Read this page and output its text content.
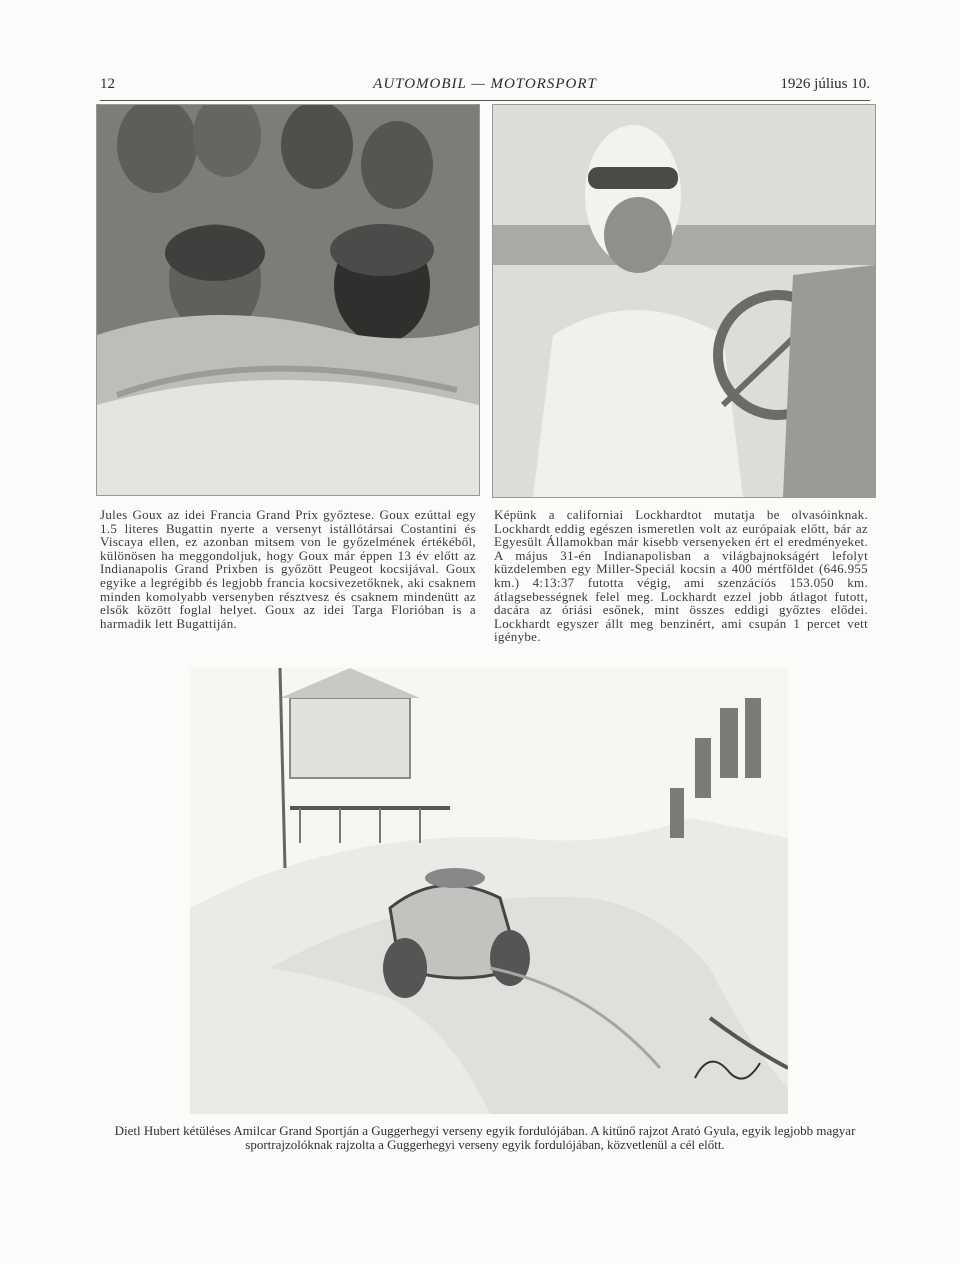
12	AUTOMOBIL — MOTORSPORT	1926 július 10.
Jules Goux az idei Francia Grand Prix győztese. Goux ezúttal egy 1.5 literes Bugattin nyerte a versenyt istállótársai Costantini és Viscaya ellen, ez azonban mitsem von le győzelmének értékéből, különösen ha meggondoljuk, hogy Goux már éppen 13 év előtt az Indianapolis Grand Prixben is győzött Peugeot kocsijával. Goux egyike a legrégibb és legjobb francia kocsivezetőknek, aki csaknem minden komolyabb versenyben résztvesz és csaknem mindenütt az elsők között foglal helyet. Goux az idei Targa Florióban is a harmadik lett Bugattiján.
Képünk a californiai Lockhardtot mutatja be olvasóinknak. Lockhardt eddig egészen ismeretlen volt az európaiak előtt, bár az Egyesült Államokban már kisebb versenyeken ért el eredményeket. A május 31-én Indianapolisban a világbajnokságért lefolyt küzdelemben egy Miller-Speciál kocsin a 400 mértföldet (646.955 km.) 4:13:37 futotta végig, ami szenzációs 153.050 km. átlagsebességnek felel meg. Lockhardt ezzel jobb átlagot futott, dacára az óriási esőnek, mint összes eddigi győztes elődei. Lockhardt egyszer állt meg benzinért, ami csupán 1 percet vett igénybe.
Dietl Hubert kétüléses Amilcar Grand Sportján a Guggerhegyi verseny egyik fordulójában. A kitűnő rajzot Arató Gyula, egyik legjobb magyar sportrajzolóknak rajzolta a Guggerhegyi verseny egyik fordulójában, közvetlenül a cél előtt.
